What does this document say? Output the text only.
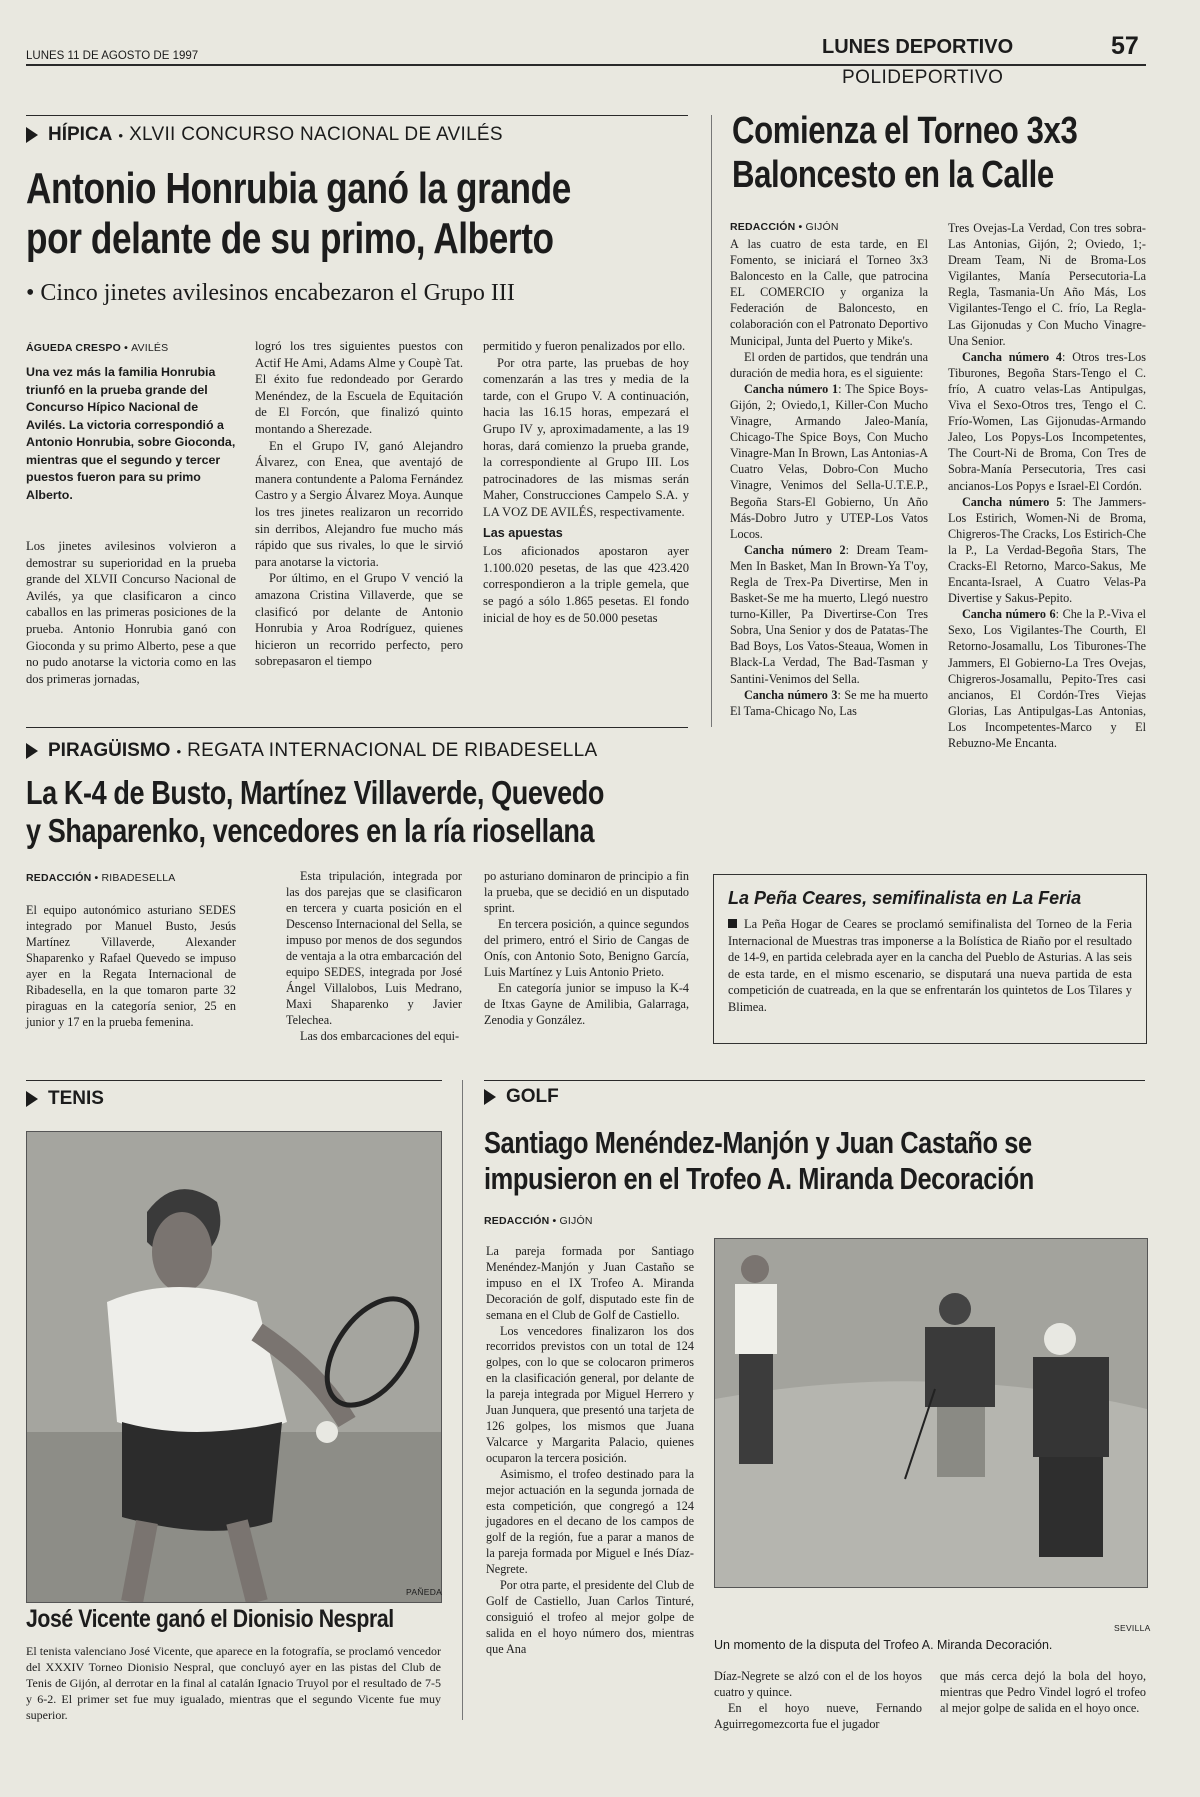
LUNES 11 DE AGOSTO DE 1997	LUNES DEPORTIVO	57
POLIDEPORTIVO
HÍPICA • XLVII CONCURSO NACIONAL DE AVILÉS
Antonio Honrubia ganó la grande
por delante de su primo, Alberto
• Cinco jinetes avilesinos encabezaron el Grupo III
ÁGUEDA CRESPO • AVILÉS
Una vez más la familia Honrubia triunfó en la prueba grande del Concurso Hípico Nacional de Avilés. La victoria correspondió a Antonio Honrubia, sobre Gioconda, mientras que el segundo y tercer puestos fueron para su primo Alberto.

Los jinetes avilesinos volvieron a demostrar su superioridad en la prueba grande del XLVII Concurso Nacional de Avilés, ya que clasificaron a cinco caballos en las primeras posiciones de la prueba. Antonio Honrubia ganó con Gioconda y su primo Alberto, pese a que no pudo anotarse la victoria como en las dos primeras jornadas,

logró los tres siguientes puestos con Actif He Ami, Adams Alme y Coupè Tat. El éxito fue redondeado por Gerardo Menéndez, de la Escuela de Equitación de El Forcón, que finalizó quinto montando a Sherezade.

En el Grupo IV, ganó Alejandro Álvarez, con Enea, que aventajó de manera contundente a Paloma Fernández Castro y a Sergio Álvarez Moya. Aunque los tres jinetes realizaron un recorrido sin derribos, Alejandro fue mucho más rápido que sus rivales, lo que le sirvió para anotarse la victoria.

Por último, en el Grupo V venció la amazona Cristina Villaverde, que se clasificó por delante de Antonio Honrubia y Aroa Rodríguez, quienes hicieron un recorrido perfecto, pero sobrepasaron el tiempo

permitido y fueron penalizados por ello.

Por otra parte, las pruebas de hoy comenzarán a las tres y media de la tarde, con el Grupo V. A continuación, hacia las 16.15 horas, empezará el Grupo IV y, aproximadamente, a las 19 horas, dará comienzo la prueba grande, la correspondiente al Grupo III. Los patrocinadores de las mismas serán Maher, Construcciones Campelo S.A. y LA VOZ DE AVILÉS, respectivamente.

Las apuestas

Los aficionados apostaron ayer 1.100.020 pesetas, de las que 423.420 correspondieron a la triple gemela, que se pagó a sólo 1.865 pesetas. El fondo inicial de hoy es de 50.000 pesetas

Comienza el Torneo 3x3
Baloncesto en la Calle
REDACCIÓN • GIJÓN

A las cuatro de esta tarde, en El Fomento, se iniciará el Torneo 3x3 Baloncesto en la Calle, que patrocina EL COMERCIO y organiza la Federación de Baloncesto, en colaboración con el Patronato Deportivo Municipal, Junta del Puerto y Mike's.

El orden de partidos, que tendrán una duración de media hora, es el siguiente:

Cancha número 1: The Spice Boys-Gijón, 2; Oviedo,1, Killer-Con Mucho Vinagre, Armando Jaleo-Manía, Chicago-The Spice Boys, Con Mucho Vinagre-Man In Brown, Las Antonias-A Cuatro Velas, Dobro-Con Mucho Vinagre, Venimos del Sella-U.T.E.P., Begoña Stars-El Gobierno, Un Año Más-Dobro Jutro y UTEP-Los Vatos Locos.

Cancha número 2: Dream Team-Men In Basket, Man In Brown-Ya T'oy, Regla de Trex-Pa Divertirse, Men in Basket-Se me ha muerto, Llegó nuestro turno-Killer, Pa Divertirse-Con Tres Sobra, Una Senior y dos de Patatas-The Bad Boys, Los Vatos-Steaua, Women in Black-La Verdad, The Bad-Tasman y Santini-Venimos del Sella.

Cancha número 3: Se me ha muerto El Tama-Chicago No, Las

Tres Ovejas-La Verdad, Con tres sobra-Las Antonias, Gijón, 2; Oviedo, 1;-Dream Team, Ni de Broma-Los Vigilantes, Manía Persecutoria-La Regla, Tasmania-Un Año Más, Los Vigilantes-Tengo el C. frío, La Regla-Las Gijonudas y Con Mucho Vinagre-Una Senior.

Cancha número 4: Otros tres-Los Tiburones, Begoña Stars-Tengo el C. frío, A cuatro velas-Las Antipulgas, Viva el Sexo-Otros tres, Tengo el C. Frío-Women, Las Gijonudas-Armando Jaleo, Los Popys-Los Incompetentes, The Court-Ni de Broma, Con Tres de Sobra-Manía Persecutoria, Tres casi ancianos-Los Popys e Israel-El Cordón.

Cancha número 5: The Jammers-Los Estirich, Women-Ni de Broma, Chigreros-The Cracks, Los Estirich-Che la P., La Verdad-Begoña Stars, The Cracks-El Retorno, Marco-Sakus, Me Encanta-Israel, A Cuatro Velas-Pa Divertise y Sakus-Pepito.

Cancha número 6: Che la P.-Viva el Sexo, Los Vigilantes-The Courth, El Retorno-Josamallu, Los Tiburones-The Jammers, El Gobierno-La Tres Ovejas, Chigreros-Josamallu, Pepito-Tres casi ancianos, El Cordón-Tres Viejas Glorias, Las Antipulgas-Las Antonias, Los Incompetentes-Marco y El Rebuzno-Me Encanta.

PIRAGÜISMO • REGATA INTERNACIONAL DE RIBADESELLA
La K-4 de Busto, Martínez Villaverde, Quevedo
y Shaparenko, vencedores en la ría riosellana
REDACCIÓN • RIBADESELLA

El equipo autonómico asturiano SEDES integrado por Manuel Busto, Jesús Martínez Villaverde, Alexander Shaparenko y Rafael Quevedo se impuso ayer en la Regata Internacional de Ribadesella, en la que tomaron parte 32 piraguas en la categoría senior, 25 en junior y 17 en la prueba femenina.

Esta tripulación, integrada por las dos parejas que se clasificaron en tercera y cuarta posición en el Descenso Internacional del Sella, se impuso por menos de dos segundos de ventaja a la otra embarcación del equipo SEDES, integrada por José Ángel Villalobos, Luis Medrano, Maxi Shaparenko y Javier Telechea.

Las dos embarcaciones del equi-

po asturiano dominaron de principio a fin la prueba, que se decidió en un disputado sprint.

En tercera posición, a quince segundos del primero, entró el Sirio de Cangas de Onís, con Antonio Soto, Benigno García, Luis Martínez y Luis Antonio Prieto.

En categoría junior se impuso la K-4 de Itxas Gayne de Amilibia, Galarraga, Zenodia y González.

La Peña Ceares, semifinalista en La Feria

La Peña Hogar de Ceares se proclamó semifinalista del Torneo de la Feria Internacional de Muestras tras imponerse a la Bolística de Riaño por el resultado de 14-9, en partida celebrada ayer en la cancha del Pueblo de Asturias. A las seis de esta tarde, en el mismo escenario, se disputará una nueva partida de esta competición de cuatreada, en la que se enfrentarán los quintetos de Los Tilares y Blimea.

TENIS
PAÑEDA
José Vicente ganó el Dionisio Nespral

El tenista valenciano José Vicente, que aparece en la fotografía, se proclamó vencedor del XXXIV Torneo Dionisio Nespral, que concluyó ayer en las pistas del Club de Tenis de Gijón, al derrotar en la final al catalán Ignacio Truyol por el resultado de 7-5 y 6-2. El primer set fue muy igualado, mientras que el segundo Vicente fue muy superior.

GOLF
Santiago Menéndez-Manjón y Juan Castaño se
impusieron en el Trofeo A. Miranda Decoración
REDACCIÓN • GIJÓN

La pareja formada por Santiago Menéndez-Manjón y Juan Castaño se impuso en el IX Trofeo A. Miranda Decoración de golf, disputado este fin de semana en el Club de Golf de Castiello.

Los vencedores finalizaron los dos recorridos previstos con un total de 124 golpes, con lo que se colocaron primeros en la clasificación general, por delante de la pareja integrada por Miguel Herrero y Juan Junquera, que presentó una tarjeta de 126 golpes, los mismos que Juana Valcarce y Margarita Palacio, quienes ocuparon la tercera posición.

Asimismo, el trofeo destinado para la mejor actuación en la segunda jornada de esta competición, que congregó a 124 jugadores en el decano de los campos de golf de la región, fue a parar a manos de la pareja formada por Miguel e Inés Díaz-Negrete.

Por otra parte, el presidente del Club de Golf de Castiello, Juan Carlos Tinturé, consiguió el trofeo al mejor golpe de salida en el hoyo número dos, mientras que Ana

SEVILLA
Un momento de la disputa del Trofeo A. Miranda Decoración.

Díaz-Negrete se alzó con el de los hoyos cuatro y quince.

En el hoyo nueve, Fernando Aguirregomezcorta fue el jugador

que más cerca dejó la bola del hoyo, mientras que Pedro Vindel logró el trofeo al mejor golpe de salida en el hoyo once.
